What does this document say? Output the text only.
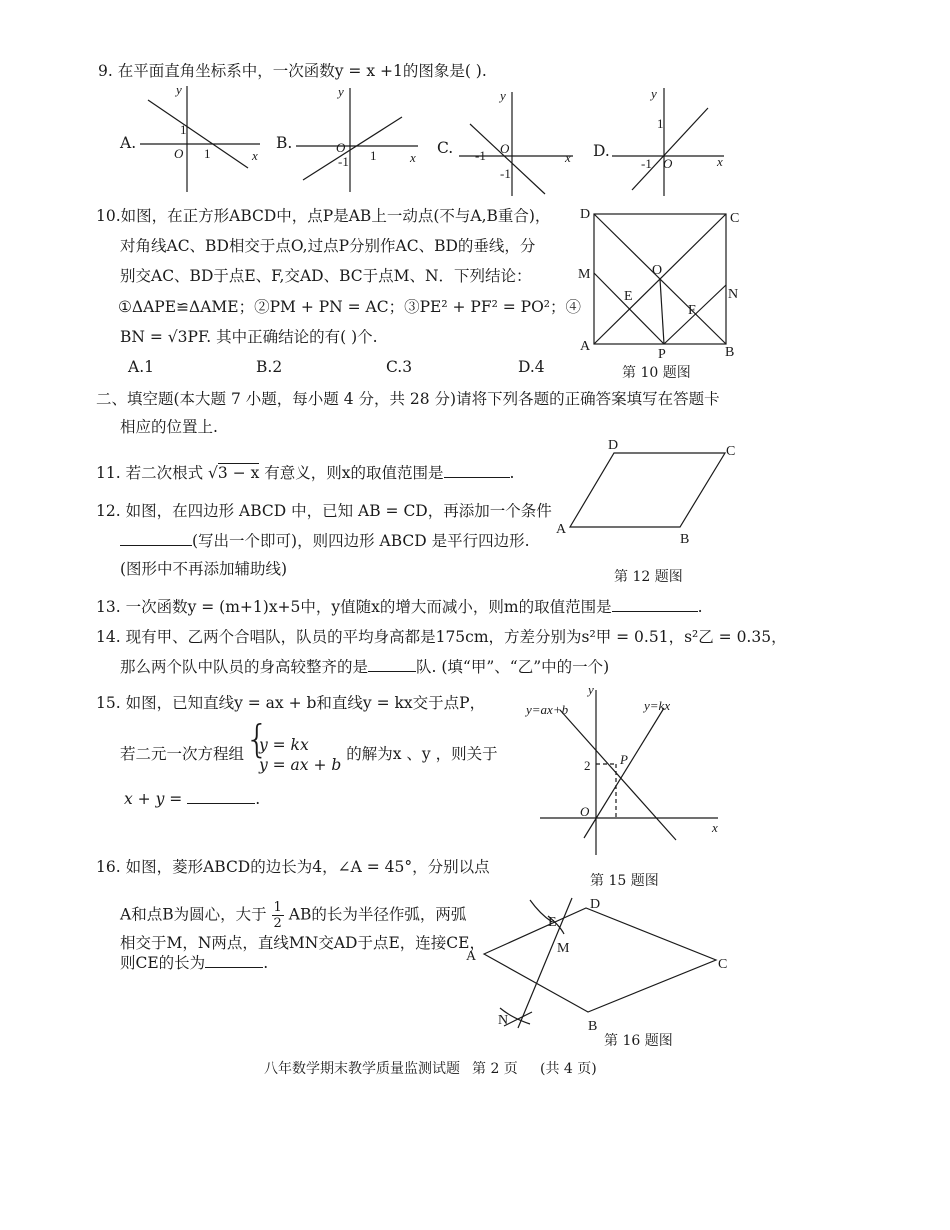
9. 在平面直角坐标系中，一次函数y = x +1的图象是( ).
A.	B.	C.	D.
y
x
O
1
1
y
x
O
-1 1
y
x
O
-1
-1
y
x
1
-1 O
10.如图，在正方形ABCD中，点P是AB上一动点(不与A,B重合)，
对角线AC、BD相交于点O,过点P分别作AC、BD的垂线，分
别交AC、BD于点E、F,交AD、BC于点M、N．下列结论：
①ΔAPE≌ΔAME；②PM + PN = AC；③PE² + PF² = PO²；④
BN = √3PF. 其中正确结论的有( )个.
A.1	B.2	C.3	D.4
D	C
A	B
O
M
N
E
F
P
第 10 题图
二、填空题(本大题 7 小题，每小题 4 分，共 28 分)请将下列各题的正确答案填写在答题卡
相应的位置上.
11. 若二次根式 √3 − x 有意义，则x的取值范围是	.
12. 如图，在四边形 ABCD 中，已知 AB = CD，再添加一个条件
(写出一个即可)，则四边形 ABCD 是平行四边形.
(图形中不再添加辅助线)
D	C
A
B
第 12 题图
13. 一次函数y = (m+1)x+5中，y值随x的增大而减小，则m的取值范围是	.
14. 现有甲、乙两个合唱队，队员的平均身高都是175cm，方差分别为s²甲 = 0.51，s²乙 = 0.35，
那么两个队中队员的身高较整齐的是	队. (填“甲”、“乙”中的一个)
15. 如图，已知直线y = ax + b和直线y = kx交于点P，
若二元一次方程组 { y = kx
y = ax + b 的解为x 、y ，则关于
x + y =	.
y=ax+b	y=kx
y
x
O
P
2
第 15 题图
16. 如图，菱形ABCD的边长为4，∠A = 45°，分别以点
A和点B为圆心，大于 $\frac{1}{2}$ AB的长为半径作弧，两弧
相交于M，N两点，直线MN交AD于点E，连接CE，
则CE的长为	.	A
B
C
D
E
M
N
第 16 题图
八年数学期末教学质量监测试题 第 2 页 (共 4 页)
